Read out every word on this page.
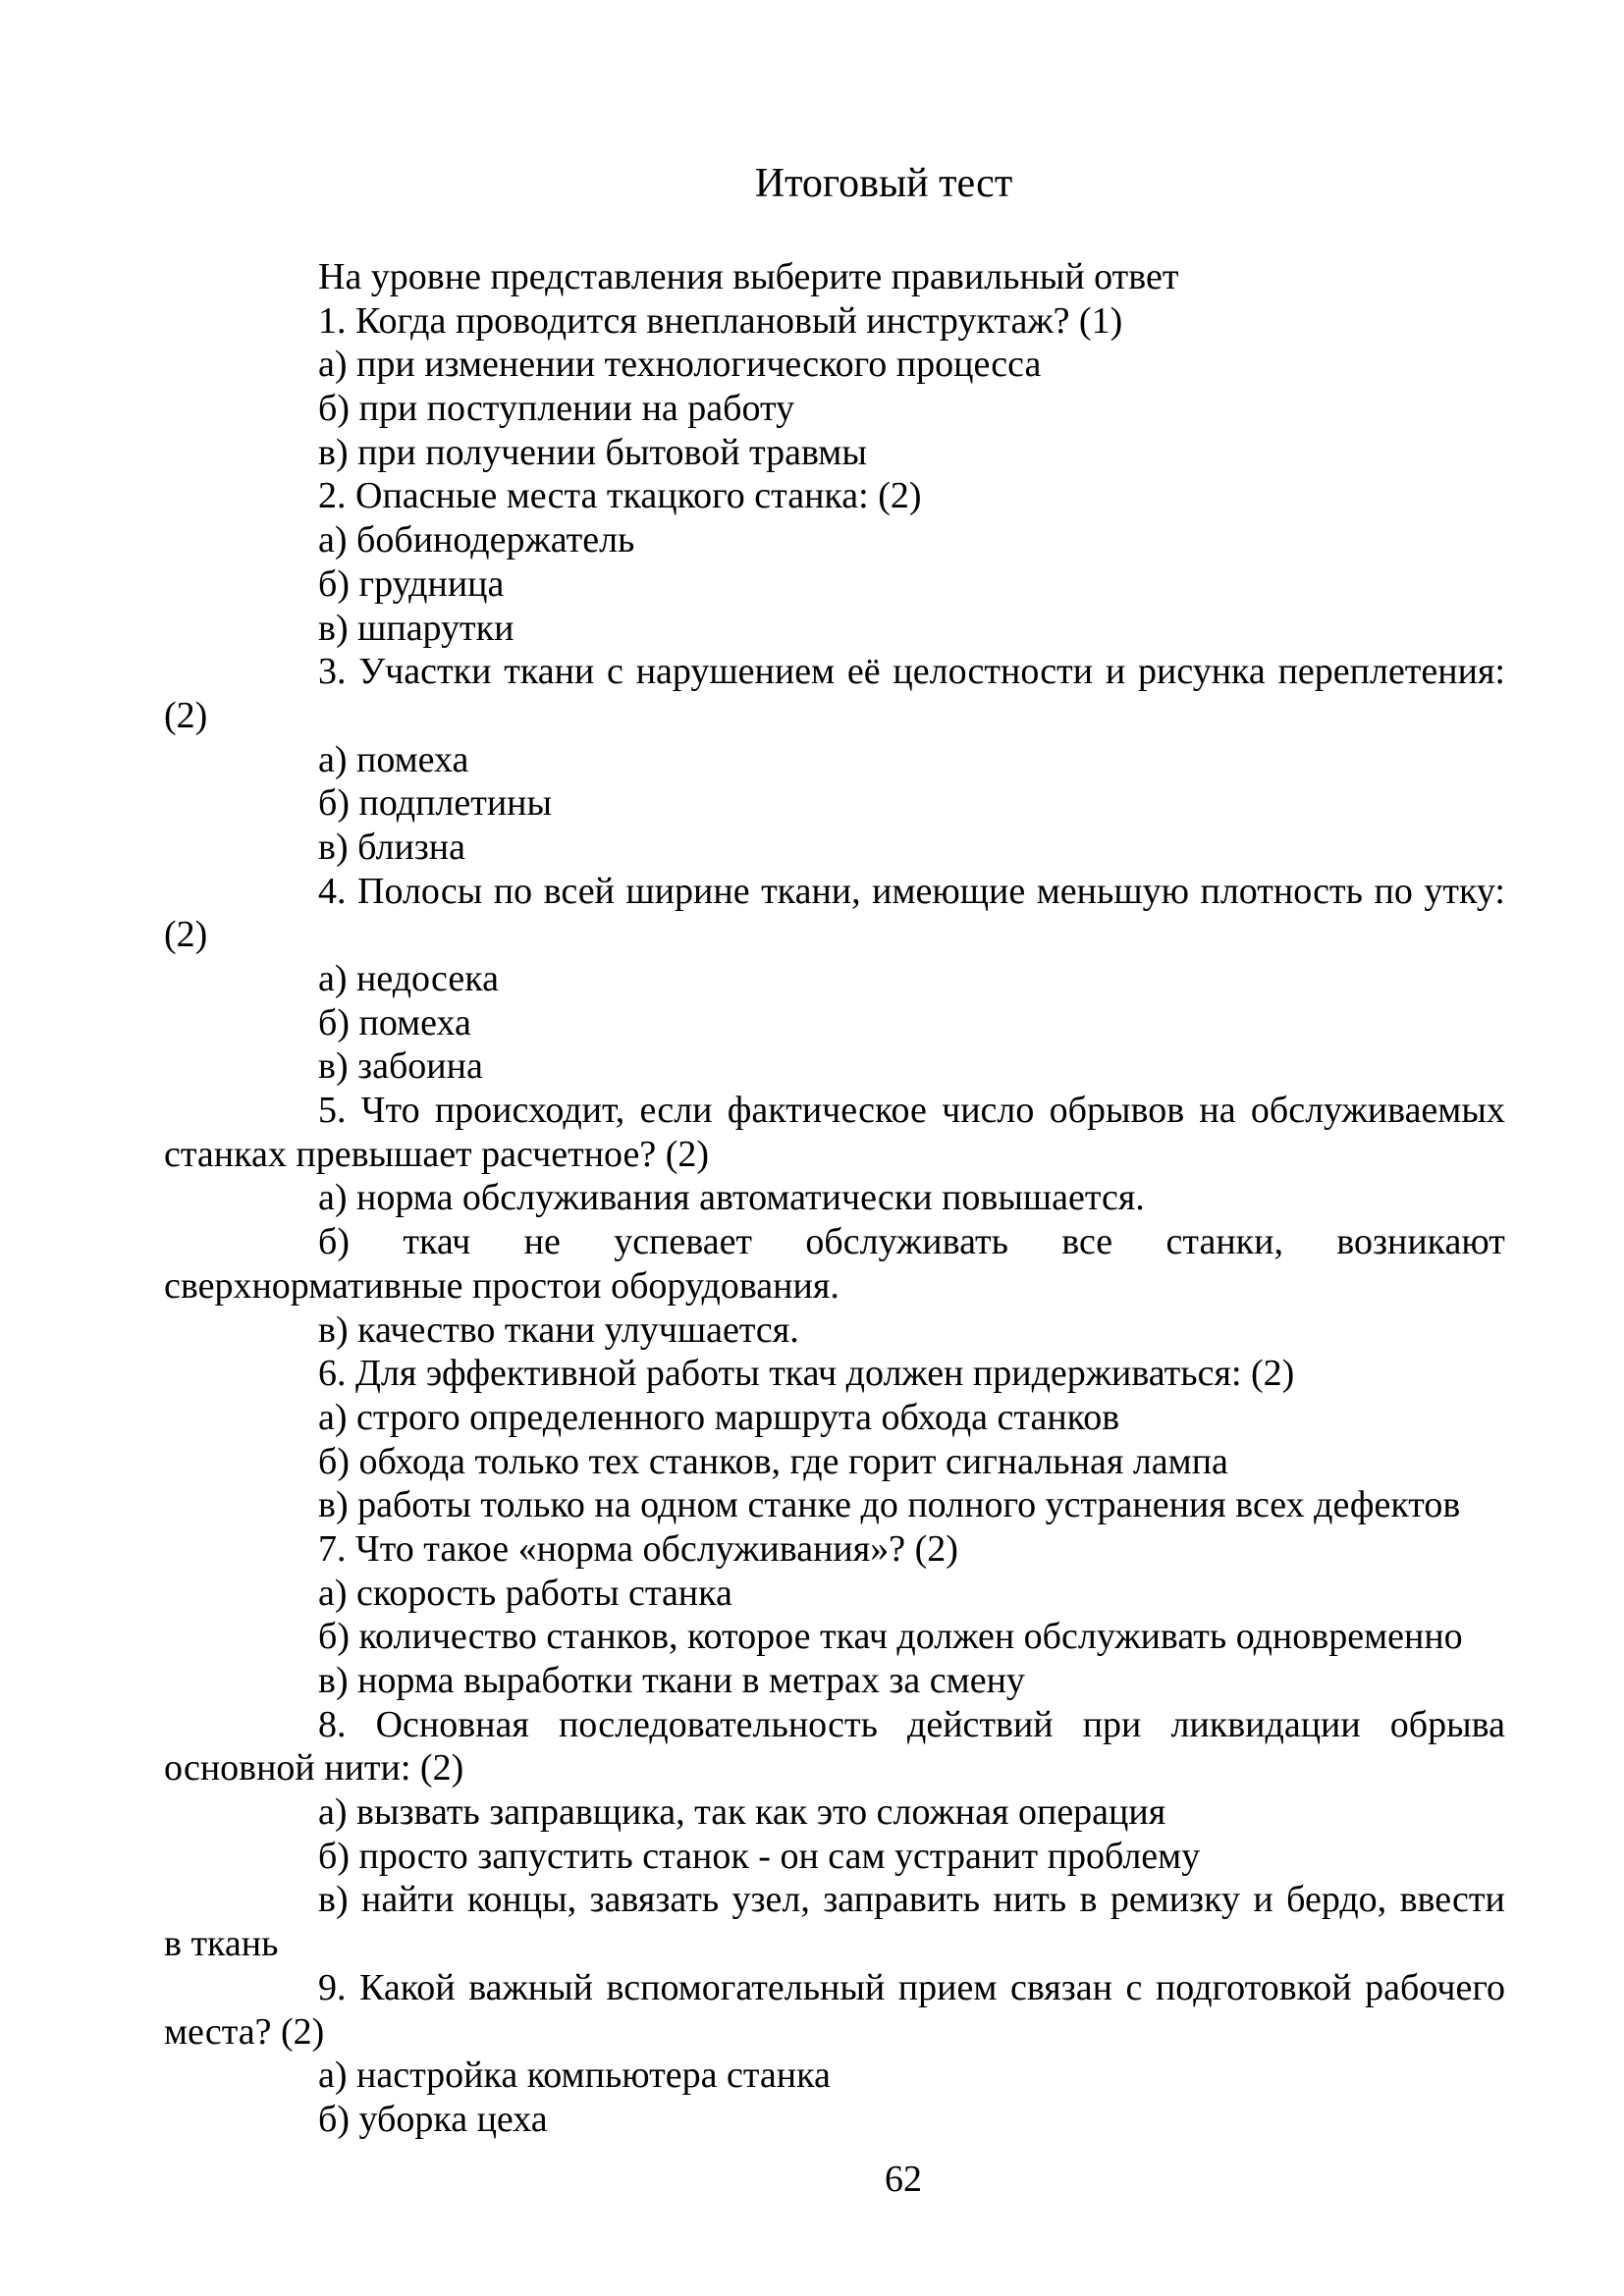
Итоговый тест
На уровне представления выберите правильный ответ
1. Когда проводится внеплановый инструктаж? (1)
а) при изменении технологического процесса
б) при поступлении на работу
в) при получении бытовой травмы
2. Опасные места ткацкого станка: (2)
а) бобинодержатель
б) грудница
в) шпарутки
3. Участки ткани с нарушением её целостности и рисунка переплетения:
(2)
а) помеха
б) подплетины
в) близна
4. Полосы по всей ширине ткани, имеющие меньшую плотность по утку:
(2)
а) недосека
б) помеха
в) забоина
5. Что происходит, если фактическое число обрывов на обслуживаемых
станках превышает расчетное? (2)
а) норма обслуживания автоматически повышается.
б) ткач не успевает обслуживать все станки, возникают
сверхнормативные простои оборудования.
в) качество ткани улучшается.
6. Для эффективной работы ткач должен придерживаться: (2)
а) строго определенного маршрута обхода станков
б) обхода только тех станков, где горит сигнальная лампа
в) работы только на одном станке до полного устранения всех дефектов
7. Что такое «норма обслуживания»? (2)
а) скорость работы станка
б) количество станков, которое ткач должен обслуживать одновременно
в) норма выработки ткани в метрах за смену
8. Основная последовательность действий при ликвидации обрыва
основной нити: (2)
а) вызвать заправщика, так как это сложная операция
б) просто запустить станок - он сам устранит проблему
в) найти концы, завязать узел, заправить нить в ремизку и бердо, ввести
в ткань
9. Какой важный вспомогательный прием связан с подготовкой рабочего
места? (2)
а) настройка компьютера станка
б) уборка цеха
62
